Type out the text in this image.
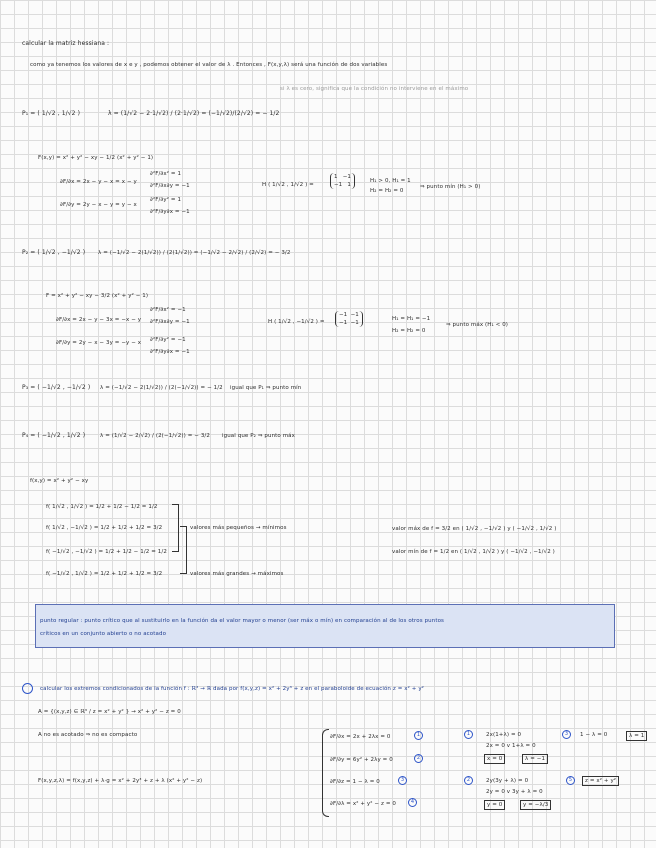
calcular la matriz hessiana :
como ya tenemos los valores de x e y , podemos obtener el valor de λ . Entonces , F(x,y,λ) será una función de dos variables
si λ es cero, significa que la condición no interviene en el máximo
P₁ = ( 1/√2 , 1/√2 )	λ = (1/√2 − 2·1/√2) / (2·1/√2) = (−1/√2)/(2/√2) = − 1/2
F(x,y) = x² + y² − xy − 1/2 (x² + y² − 1)
∂F/∂x = 2x − y − x = x − y
∂F/∂y = 2y − x − y = y − x
∂²F/∂x² = 1
∂²F/∂x∂y = −1
∂²F/∂y² = 1
∂²F/∂y∂x = −1
H ( 1/√2 , 1/√2 ) =
1 −1
−1 1
H₁ > 0, H₁ = 1
H₂ = H₂ = 0
⇒ punto mín (H₁ > 0)
P₂ = ( 1/√2 , −1/√2 ) λ = (−1/√2 − 2(1/√2)) / (2(1/√2)) = (−1/√2 − 2/√2) / (2/√2) = − 3/2
F = x² + y² − xy − 3/2 (x² + y² − 1)
∂F/∂x = 2x − y − 3x = −x − y
∂F/∂y = 2y − x − 3y = −y − x
∂²F/∂x² = −1
∂²F/∂x∂y = −1
∂²F/∂y² = −1
∂²F/∂y∂x = −1
H ( 1/√2 , −1/√2 ) =
−1 −1
−1 −1
H₁ = H₁ = −1
H₂ = H₂ = 0
⇒ punto máx (H₁ < 0)
P₃ = ( −1/√2 , −1/√2 ) λ = (−1/√2 − 2(1/√2)) / (2(−1/√2)) = − 1/2 igual que P₁ ⇒ punto mín
P₄ = ( −1/√2 , 1/√2 )	λ = (1/√2 − 2/√2) / (2(−1/√2)) = − 3/2 igual que P₂ ⇒ punto máx
f(x,y) = x² + y² − xy
f( 1/√2 , 1/√2 ) = 1/2 + 1/2 − 1/2 = 1/2
f( 1/√2 , −1/√2 ) = 1/2 + 1/2 + 1/2 = 3/2
f( −1/√2 , −1/√2 ) = 1/2 + 1/2 − 1/2 = 1/2
f( −1/√2 , 1/√2 ) = 1/2 + 1/2 + 1/2 = 3/2
valores más pequeños → mínimos
valores más grandes → máximos
valor máx de f = 3/2 en ( 1/√2 , −1/√2 ) y ( −1/√2 , 1/√2 )
valor mín de f = 1/2 en ( 1/√2 , 1/√2 ) y ( −1/√2 , −1/√2 )
punto regular : punto crítico que al sustituirlo en la función da el valor mayor o menor (ser máx o mín) en comparación al de los otros puntos
críticos en un conjunto abierto o no acotado
calcular los extremos condicionados de la función f : ℝ³ → ℝ dada por f(x,y,z) = x² + 2y³ + z en el paraboloide de ecuación z = x² + y²
A = {(x,y,z) ∈ ℝ³ / z = x² + y² } → x² + y² − z = 0
A no es acotado ⇒ no es compacto
F(x,y,z,λ) = f(x,y,z) + λ·g = x² + 2y³ + z + λ (x² + y² − z)
∂F/∂x = 2x + 2λx = 0
∂F/∂y = 6y² + 2λy = 0
∂F/∂z = 1 − λ = 0
∂F/∂λ = x² + y² − z = 0
1
2
3
4
1	2x(1+λ) = 0
2x = 0 v 1+λ = 0
x = 0	λ = −1
3	1 − λ = 0	λ = 1
2	2y(3y + λ) = 0
2y = 0 v 3y + λ = 0
y = 0	y = −λ/3
5	z = x² + y²
